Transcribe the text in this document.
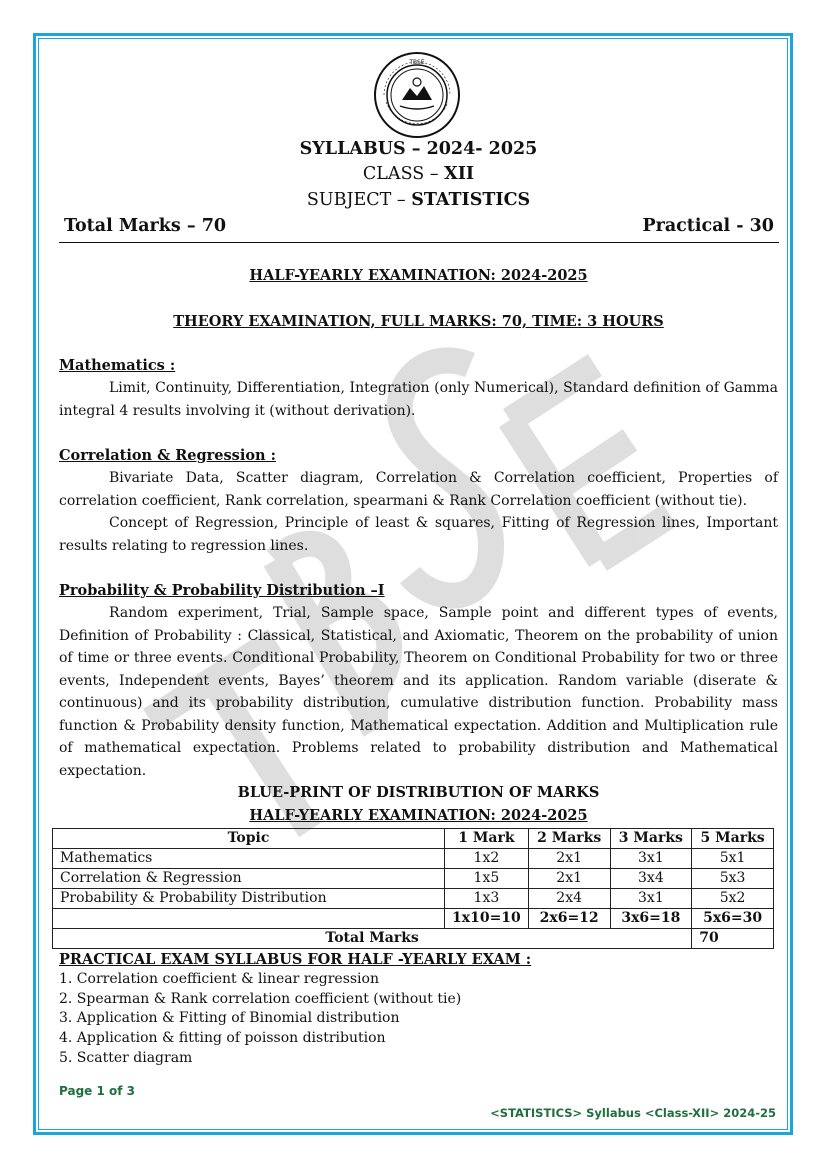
TBSE
SYLLABUS – 2024- 2025
CLASS – XII
SUBJECT – STATISTICS
Total Marks – 70	Practical - 30
HALF-YEARLY EXAMINATION: 2024-2025
THEORY EXAMINATION, FULL MARKS: 70, TIME: 3 HOURS
Mathematics :
Limit, Continuity, Differentiation, Integration (only Numerical), Standard definition of Gamma integral 4 results involving it (without derivation).
Correlation & Regression :
Bivariate Data, Scatter diagram, Correlation & Correlation coefficient, Properties of correlation coefficient, Rank correlation, spearmani & Rank Correlation coefficient (without tie).
Concept of Regression, Principle of least & squares, Fitting of Regression lines, Important results relating to regression lines.
Probability & Probability Distribution –I
Random experiment, Trial, Sample space, Sample point and different types of events, Definition of Probability : Classical, Statistical, and Axiomatic, Theorem on the probability of union of time or three events. Conditional Probability, Theorem on Conditional Probability for two or three events, Independent events, Bayes’ theorem and its application. Random variable (diserate & continuous) and its probability distribution, cumulative distribution function. Probability mass function & Probability density function, Mathematical expectation. Addition and Multiplication rule of mathematical expectation. Problems related to probability distribution and Mathematical expectation.
BLUE-PRINT OF DISTRIBUTION OF MARKS
HALF-YEARLY EXAMINATION: 2024-2025
Topic	1 Mark	2 Marks	3 Marks	5 Marks
Mathematics	1x2	2x1	3x1	5x1
Correlation & Regression	1x5	2x1	3x4	5x3
Probability & Probability Distribution	1x3	2x4	3x1	5x2
	1x10=10	2x6=12	3x6=18	5x6=30
Total Marks				70
PRACTICAL EXAM SYLLABUS FOR HALF -YEARLY EXAM :
1. Correlation coefficient & linear regression
2. Spearman & Rank correlation coefficient (without tie)
3. Application & Fitting of Binomial distribution
4. Application & fitting of poisson distribution
5. Scatter diagram
Page 1 of 3
<STATISTICS> Syllabus <Class-XII> 2024-25
